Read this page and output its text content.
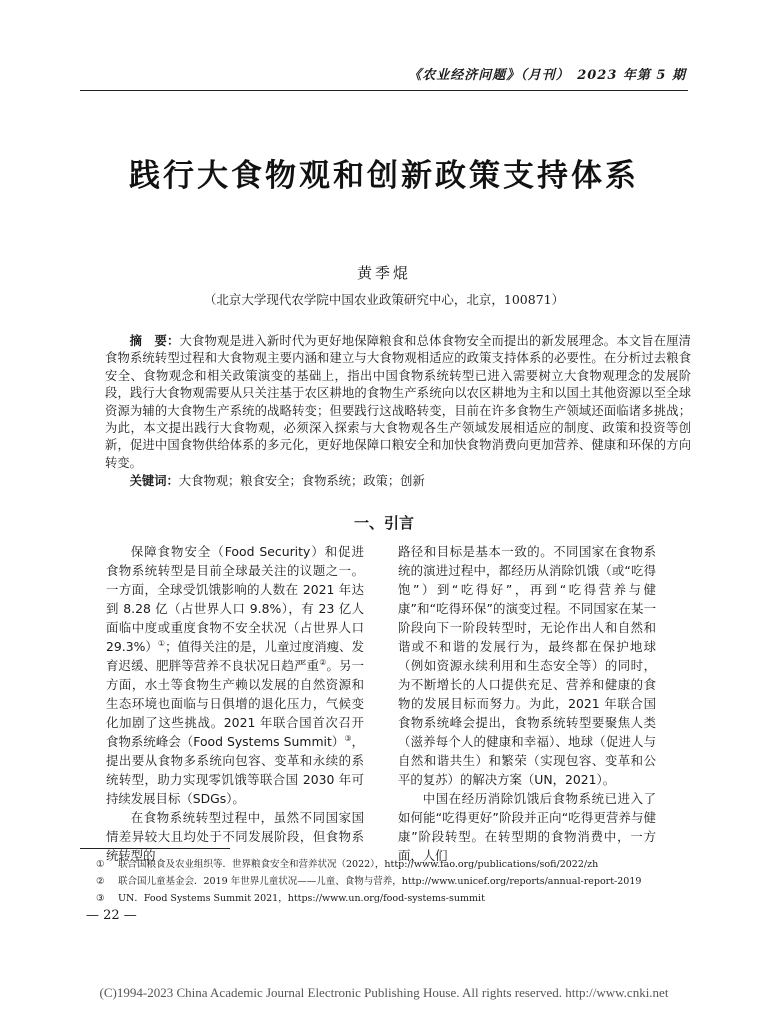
《农业经济问题》（月刊）　2023 年第 5 期
践行大食物观和创新政策支持体系
黄季焜
（北京大学现代农学院中国农业政策研究中心，北京，100871）

摘　要：大食物观是进入新时代为更好地保障粮食和总体食物安全而提出的新发展理念。本文旨在厘清食物系统转型过程和大食物观主要内涵和建立与大食物观相适应的政策支持体系的必要性。在分析过去粮食安全、食物观念和相关政策演变的基础上，指出中国食物系统转型已进入需要树立大食物观理念的发展阶段，践行大食物观需要从只关注基于农区耕地的食物生产系统向以农区耕地为主和以国土其他资源以至全球资源为辅的大食物生产系统的战略转变；但要践行这战略转变，目前在许多食物生产领域还面临诸多挑战；为此，本文提出践行大食物观，必须深入探索与大食物观各生产领域发展相适应的制度、政策和投资等创新，促进中国食物供给体系的多元化，更好地保障口粮安全和加快食物消费向更加营养、健康和环保的方向转变。

关键词：大食物观；粮食安全；食物系统；政策；创新

一、引言

保障食物安全（Food Security）和促进食物系统转型是目前全球最关注的议题之一。一方面，全球受饥饿影响的人数在 2021 年达到 8.28 亿（占世界人口 9.8%），有 23 亿人面临中度或重度食物不安全状况（占世界人口 29.3%）①；值得关注的是，儿童过度消瘦、发育迟缓、肥胖等营养不良状况日趋严重②。另一方面，水土等食物生产赖以发展的自然资源和生态环境也面临与日俱增的退化压力，气候变化加剧了这些挑战。2021 年联合国首次召开食物系统峰会（Food Systems Summit）③，提出要从食物多系统向包容、变革和永续的系统转型，助力实现零饥饿等联合国 2030 年可持续发展目标（SDGs）。

在食物系统转型过程中，虽然不同国家国情差异较大且均处于不同发展阶段，但食物系统转型的

路径和目标是基本一致的。不同国家在食物系统的演进过程中，都经历从消除饥饿（或“吃得饱”）到“吃得好”，再到“吃得营养与健康”和“吃得环保”的演变过程。不同国家在某一阶段向下一阶段转型时，无论作出人和自然和谐或不和谐的发展行为，最终都在保护地球（例如资源永续利用和生态安全等）的同时，为不断增长的人口提供充足、营养和健康的食物的发展目标而努力。为此，2021 年联合国食物系统峰会提出，食物系统转型要聚焦人类（滋养每个人的健康和幸福）、地球（促进人与自然和谐共生）和繁荣（实现包容、变革和公平的复苏）的解决方案（UN，2021）。

中国在经历消除饥饿后食物系统已进入了如何能“吃得更好”阶段并正向“吃得更营养与健康”阶段转型。在转型期的食物消费中，一方面，人们

①	联合国粮食及农业组织等．世界粮食安全和营养状况（2022），http://www.fao.org/publications/sofi/2022/zh
②	联合国儿童基金会．2019 年世界儿童状况——儿童、食物与营养，http://www.unicef.org/reports/annual-report-2019
③	UN．Food Systems Summit 2021，https://www.un.org/food-systems-summit
— 22 —
(C)1994-2023 China Academic Journal Electronic Publishing House. All rights reserved. http://www.cnki.net
